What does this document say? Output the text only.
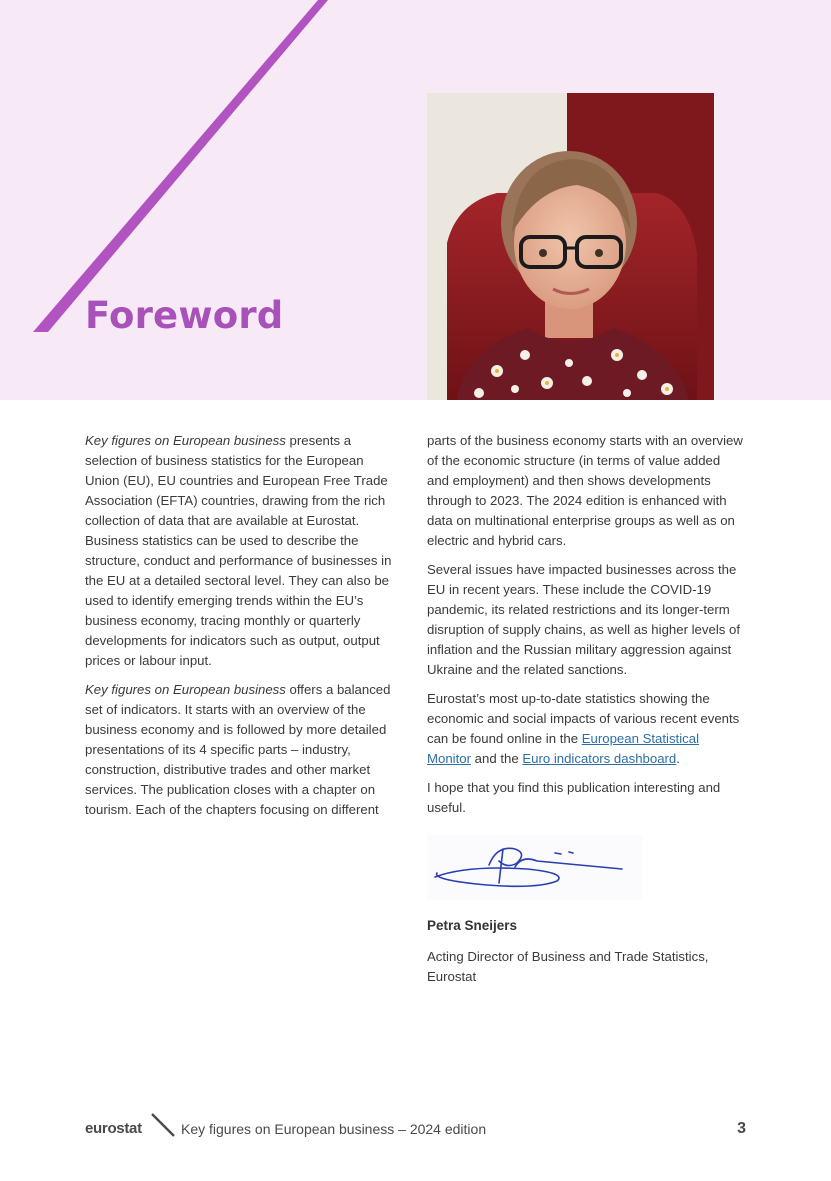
Foreword

Key figures on European business presents a selection of business statistics for the European Union (EU), EU countries and European Free Trade Association (EFTA) countries, drawing from the rich collection of data that are available at Eurostat. Business statistics can be used to describe the structure, conduct and performance of businesses in the EU at a detailed sectoral level. They can also be used to identify emerging trends within the EU’s business economy, tracing monthly or quarterly developments for indicators such as output, output prices or labour input.

Key figures on European business offers a balanced set of indicators. It starts with an overview of the business economy and is followed by more detailed presentations of its 4 specific parts – industry, construction, distributive trades and other market services. The publication closes with a chapter on tourism. Each of the chapters focusing on different

parts of the business economy starts with an overview of the economic structure (in terms of value added and employment) and then shows developments through to 2023. The 2024 edition is enhanced with data on multinational enterprise groups as well as on electric and hybrid cars.

Several issues have impacted businesses across the EU in recent years. These include the COVID-19 pandemic, its related restrictions and its longer-term disruption of supply chains, as well as higher levels of inflation and the Russian military aggression against Ukraine and the related sanctions.

Eurostat’s most up-to-date statistics showing the economic and social impacts of various recent events can be found online in the European Statistical Monitor and the Euro indicators dashboard.

I hope that you find this publication interesting and useful.

Petra Sneijers
Acting Director of Business and Trade Statistics, Eurostat
eurostat	Key figures on European business – 2024 edition	3
